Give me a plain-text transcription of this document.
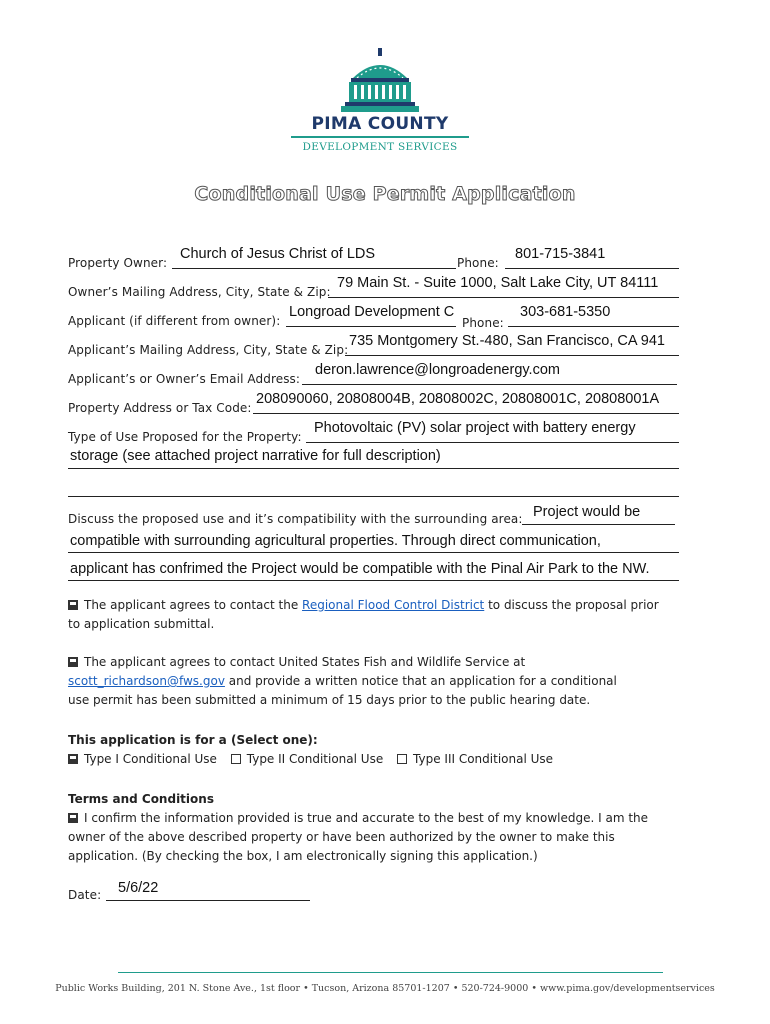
PIMA COUNTY
DEVELOPMENT SERVICES
Conditional Use Permit Application
Property Owner:
Church of Jesus Christ of LDS
Phone:
801-715-3841
Owner’s Mailing Address, City, State & Zip:
79 Main St. - Suite 1000, Salt Lake City, UT 84111
Applicant (if different from owner):
Longroad Development C
Phone:
303-681-5350
Applicant’s Mailing Address, City, State & Zip:
735 Montgomery St.-480, San Francisco, CA 941
Applicant’s or Owner’s Email Address:
deron.lawrence@longroadenergy.com
Property Address or Tax Code:
208090060, 20808004B, 20808002C, 20808001C, 20808001A
Type of Use Proposed for the Property:
Photovoltaic (PV) solar project with battery energy
storage (see attached project narrative for full description)
Discuss the proposed use and it’s compatibility with the surrounding area: Project would be
compatible with surrounding agricultural properties. Through direct communication,
applicant has confrimed the Project would be compatible with the Pinal Air Park to the NW.
The applicant agrees to contact the Regional Flood Control District to discuss the proposal prior
to application submittal.
The applicant agrees to contact United States Fish and Wildlife Service at
scott_richardson@fws.gov and provide a written notice that an application for a conditional
use permit has been submitted a minimum of 15 days prior to the public hearing date.
This application is for a (Select one):
Type I Conditional Use Type II Conditional Use Type III Conditional Use
Terms and Conditions
I confirm the information provided is true and accurate to the best of my knowledge. I am the
owner of the above described property or have been authorized by the owner to make this
application. (By checking the box, I am electronically signing this application.)
Date: 5/6/22
Public Works Building, 201 N. Stone Ave., 1st floor • Tucson, Arizona 85701-1207 • 520-724-9000 • www.pima.gov/developmentservices
